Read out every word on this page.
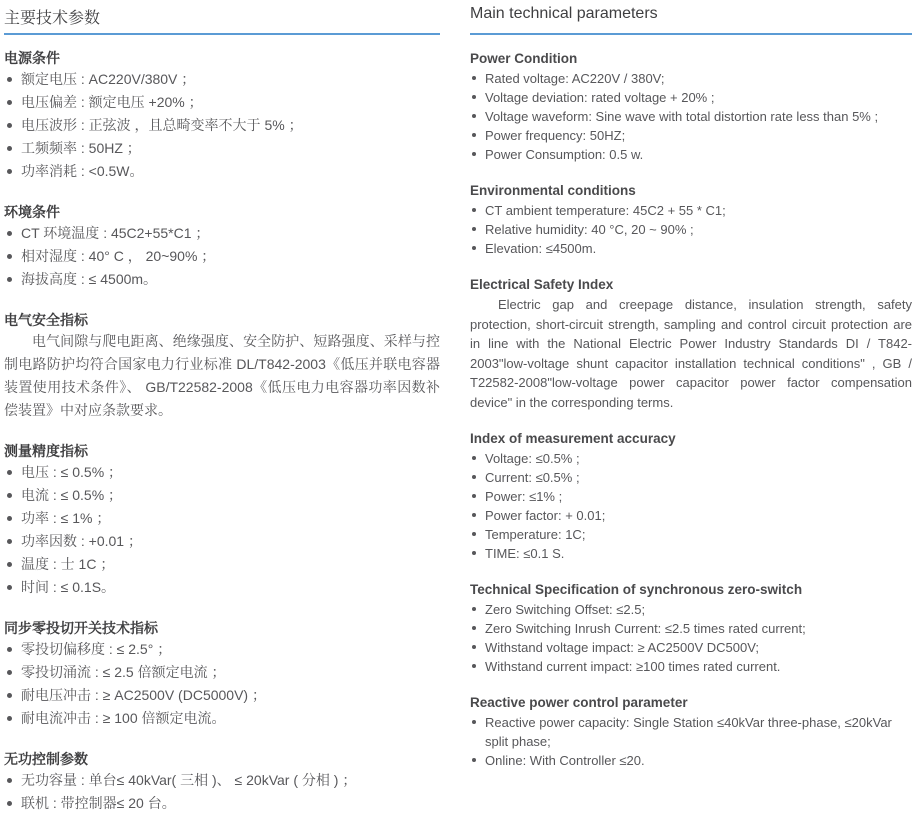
主要技术参数
电源条件
额定电压 : AC220V/380V ；
电压偏差 : 额定电压 +20% ；
电压波形 : 正弦波 ，且总畸变率不大于 5% ；
工频频率 : 50HZ ；
功率消耗 : <0.5W。
环境条件
CT 环境温度 : 45C2+55*C1 ；
相对湿度 : 40° C ， 20~90% ；
海拔高度 : ≤ 4500m。
电气安全指标

电气间隙与爬电距离、绝缘强度、安全防护、短路强度、采样与控制电路防护均符合国家电力行业标准 DL/T842-2003《低压并联电容器装置使用技术条件》、 GB/T22582-2008《低压电力电容器功率因数补偿装置》中对应条款要求。

测量精度指标
电压 : ≤ 0.5% ；
电流 : ≤ 0.5% ；
功率 : ≤ 1% ；
功率因数 : +0.01 ；
温度 : 士 1C ；
时间 : ≤ 0.1S。
同步零投切开关技术指标
零投切偏移度 : ≤ 2.5° ；
零投切涌流 : ≤ 2.5 倍额定电流 ；
耐电压冲击 : ≥ AC2500V (DC5000V) ；
耐电流冲击 : ≥ 100 倍额定电流。
无功控制参数
无功容量 : 单台≤ 40kVar( 三相 )、 ≤ 20kVar ( 分相 ) ；
联机 : 带控制器≤ 20 台。
Main technical parameters
Power Condition
Rated voltage: AC220V / 380V;
Voltage deviation: rated voltage + 20% ;
Voltage waveform: Sine wave with total distortion rate less than 5% ;
Power frequency: 50HZ;
Power Consumption: 0.5 w.
Environmental conditions
CT ambient temperature: 45C2 + 55 * C1;
Relative humidity: 40 °C, 20 ~ 90% ;
Elevation: ≤4500m.
Electrical Safety Index

Electric gap and creepage distance, insulation strength, safety protection, short-circuit strength, sampling and control circuit protection are in line with the National Electric Power Industry Standards DI / T842-2003"low-voltage shunt capacitor installation technical conditions" , GB / T22582-2008"low-voltage power capacitor power factor compensation device" in the corresponding terms.

Index of measurement accuracy
Voltage: ≤0.5% ;
Current: ≤0.5% ;
Power: ≤1% ;
Power factor: + 0.01;
Temperature: 1C;
TIME: ≤0.1 S.
Technical Specification of synchronous zero-switch
Zero Switching Offset: ≤2.5;
Zero Switching Inrush Current: ≤2.5 times rated current;
Withstand voltage impact: ≥ AC2500V DC500V;
Withstand current impact: ≥100 times rated current.
Reactive power control parameter
Reactive power capacity: Single Station ≤40kVar three-phase, ≤20kVar split phase;
Online: With Controller ≤20.
